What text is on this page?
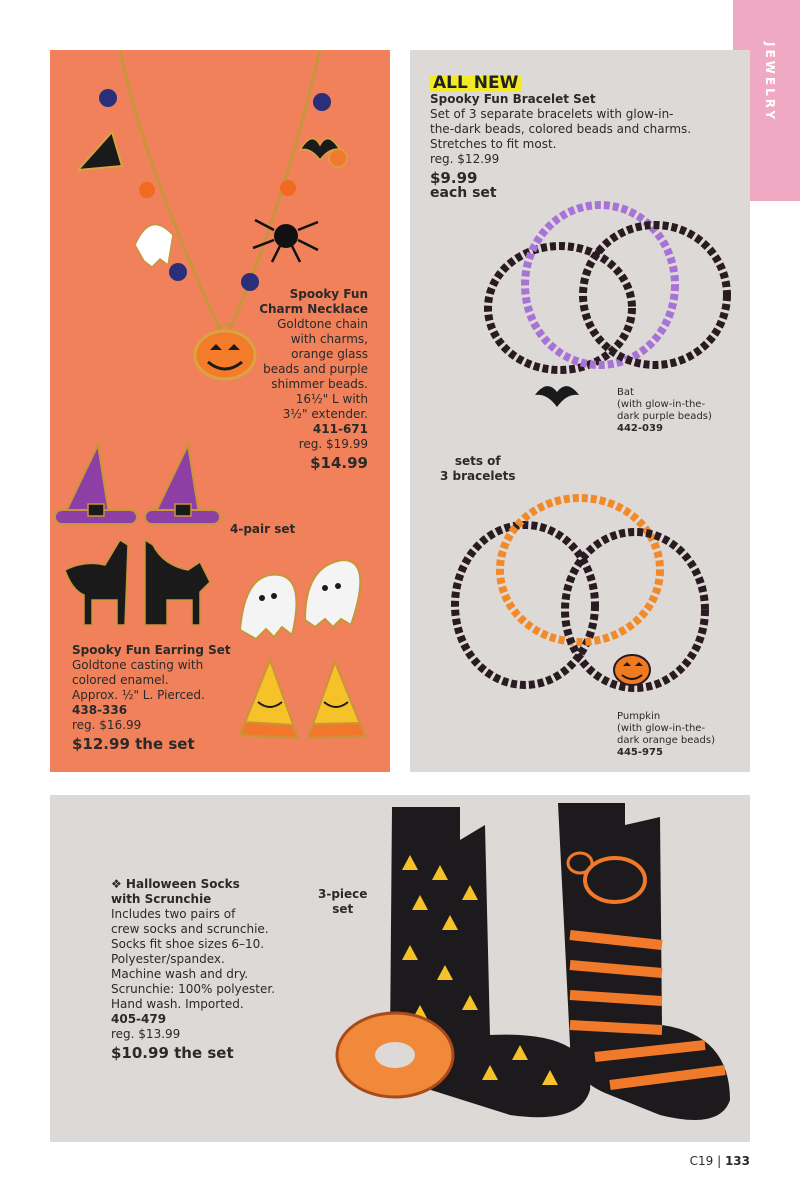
JEWELRY
Spooky Fun
Charm Necklace
Goldtone chain
with charms,
orange glass
beads and purple
shimmer beads.
16½" L with
3½" extender.
411-671
reg. $19.99
$14.99
4-pair set
Spooky Fun Earring Set
Goldtone casting with
colored enamel.
Approx. ½" L. Pierced.
438-336
reg. $16.99
$12.99 the set
ALL NEW
Spooky Fun Bracelet Set
Set of 3 separate bracelets with glow-in-
the-dark beads, colored beads and charms.
Stretches to fit most.
reg. $12.99
$9.99
each set
Bat
(with glow-in-the-
dark purple beads)
442-039
sets of
3 bracelets
Pumpkin
(with glow-in-the-
dark orange beads)
445-975
❖ Halloween Socks
with Scrunchie
Includes two pairs of
crew socks and scrunchie.
Socks fit shoe sizes 6–10.
Polyester/spandex.
Machine wash and dry.
Scrunchie: 100% polyester.
Hand wash. Imported.
405-479
reg. $13.99
$10.99 the set
3-piece
set
C19 | 133
